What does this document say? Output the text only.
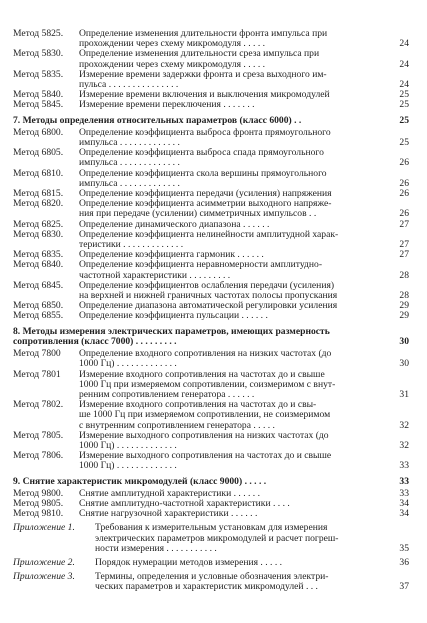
Метод 5825.	Определение изменения длительности фронта импульса при
прохождении через схему микромодуля . . . . .	24
Метод 5830.	Определение изменения длительности среза импульса при
прохождении через схему микромодуля . . . . .	24
Метод 5835.	Измерение времени задержки фронта и среза выходного им-
пульса . . . . . . . . . . . . . . .	24
Метод 5840.	Измерение времени включения и выключения микромодулей	25
Метод 5845.	Измерение времени переключения . . . . . . .	25
7. Методы определения относительных параметров (класс 6000) . .	25
Метод 6800.	Определение коэффициента выброса фронта прямоугольного
импульса . . . . . . . . . . . . .	25
Метод 6805.	Определение коэффициента выброса спада прямоугольного
импульса . . . . . . . . . . . . .	26
Метод 6810.	Определение коэффициента скола вершины прямоугольного
импульса . . . . . . . . . . . . .	26
Метод 6815.	Определение коэффициента передачи (усиления) напряжения	26
Метод 6820.	Определение коэффициента асимметрии выходного напряже-
ния при передаче (усилении) симметричных импульсов . .	26
Метод 6825.	Определение динамического диапазона . . . . . .	27
Метод 6830.	Определение коэффициента нелинейности амплитудной харак-
теристики . . . . . . . . . . . . .	27
Метод 6835.	Определение коэффициента гармоник . . . . . .	27
Метод 6840.	Определение коэффициента неравномерности амплитудно-
частотной характеристики . . . . . . . . .	28
Метод 6845.	Определение коэффициентов ослабления передачи (усиления)
на верхней и нижней граничных частотах полосы пропускания	28
Метод 6850.	Определение диапазона автоматической регулировки усиления	29
Метод 6855.	Определение коэффициента пульсации . . . . . .	29
8. Методы измерения электрических параметров, имеющих размерность
сопротивления (класс 7000) . . . . . . . . .	30
Метод 7800	Определение входного сопротивления на низких частотах (до
1000 Гц) . . . . . . . . . . . . .	30
Метод 7801	Измерение входного сопротивления на частотах до и свыше
1000 Гц при измеряемом сопротивлении, соизмеримом с внут-
ренним сопротивлением генератора . . . . . .	31
Метод 7802.	Измерение входного сопротивления на частотах до и свы-
ше 1000 Гц при измеряемом сопротивлении, не соизмеримом
с внутренним сопротивлением генератора . . . . .	32
Метод 7805.	Измерение выходного сопротивления на низких частотах (до
1000 Гц) . . . . . . . . . . . . .	32
Метод 7806.	Измерение выходного сопротивления на частотах до и свыше
1000 Гц) . . . . . . . . . . . . .	33
9. Снятие характеристик микромодулей (класс 9000) . . . . .	33
Метод 9800.	Снятие амплитудной характеристики . . . . . .	33
Метод 9805.	Снятие амплитудно-частотной характеристики . . . .	34
Метод 9810.	Снятие нагрузочной характеристики . . . . . .	34
Приложение 1.	Требования к измерительным установкам для измерения
электрических параметров микромодулей и расчет погреш-
ности измерения . . . . . . . . . . .	35
Приложение 2.	Порядок нумерации методов измерения . . . . .	36
Приложение 3.	Термины, определения и условные обозначения электри-
ческих параметров и характеристик микромодулей . . .	37
